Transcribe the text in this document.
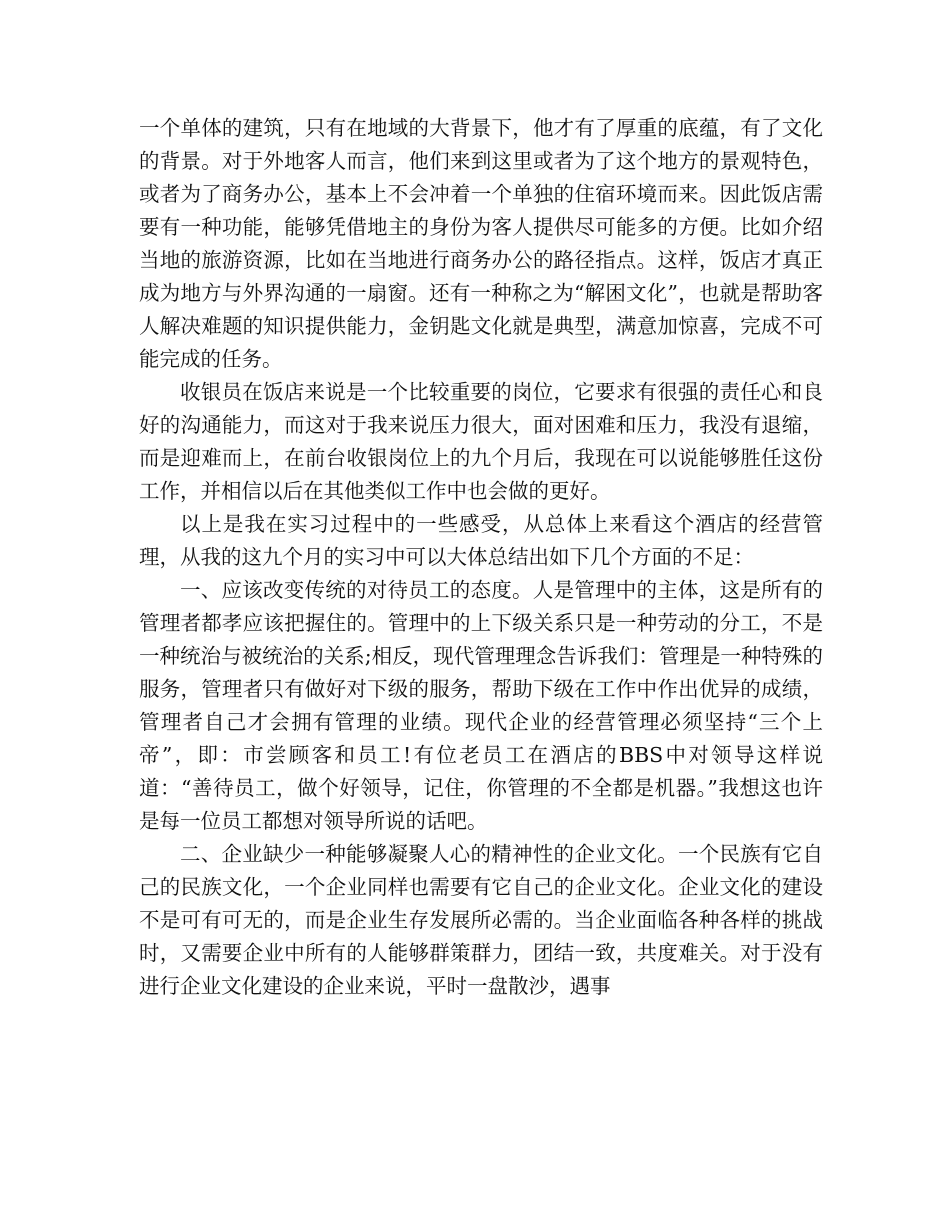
一个单体的建筑，只有在地域的大背景下，他才有了厚重的底蕴，有了文化的背景。对于外地客人而言，他们来到这里或者为了这个地方的景观特色，或者为了商务办公，基本上不会冲着一个单独的住宿环境而来。因此饭店需要有一种功能，能够凭借地主的身份为客人提供尽可能多的方便。比如介绍当地的旅游资源，比如在当地进行商务办公的路径指点。这样，饭店才真正成为地方与外界沟通的一扇窗。还有一种称之为“解困文化”，也就是帮助客人解决难题的知识提供能力，金钥匙文化就是典型，满意加惊喜，完成不可能完成的任务。

收银员在饭店来说是一个比较重要的岗位，它要求有很强的责任心和良好的沟通能力，而这对于我来说压力很大，面对困难和压力，我没有退缩，而是迎难而上，在前台收银岗位上的九个月后，我现在可以说能够胜任这份工作，并相信以后在其他类似工作中也会做的更好。

以上是我在实习过程中的一些感受，从总体上来看这个酒店的经营管理，从我的这九个月的实习中可以大体总结出如下几个方面的不足：

一、应该改变传统的对待员工的态度。人是管理中的主体，这是所有的管理者都孝应该把握住的。管理中的上下级关系只是一种劳动的分工，不是一种统治与被统治的关系;相反，现代管理理念告诉我们：管理是一种特殊的服务，管理者只有做好对下级的服务，帮助下级在工作中作出优异的成绩，管理者自己才会拥有管理的业绩。现代企业的经营管理必须坚持“三个上帝”，即：市尝顾客和员工!有位老员工在酒店的BBS中对领导这样说道：“善待员工，做个好领导，记住，你管理的不全都是机器。”我想这也许是每一位员工都想对领导所说的话吧。

二、企业缺少一种能够凝聚人心的精神性的企业文化。一个民族有它自己的民族文化，一个企业同样也需要有它自己的企业文化。企业文化的建设不是可有可无的，而是企业生存发展所必需的。当企业面临各种各样的挑战时，又需要企业中所有的人能够群策群力，团结一致，共度难关。对于没有进行企业文化建设的企业来说，平时一盘散沙，遇事
